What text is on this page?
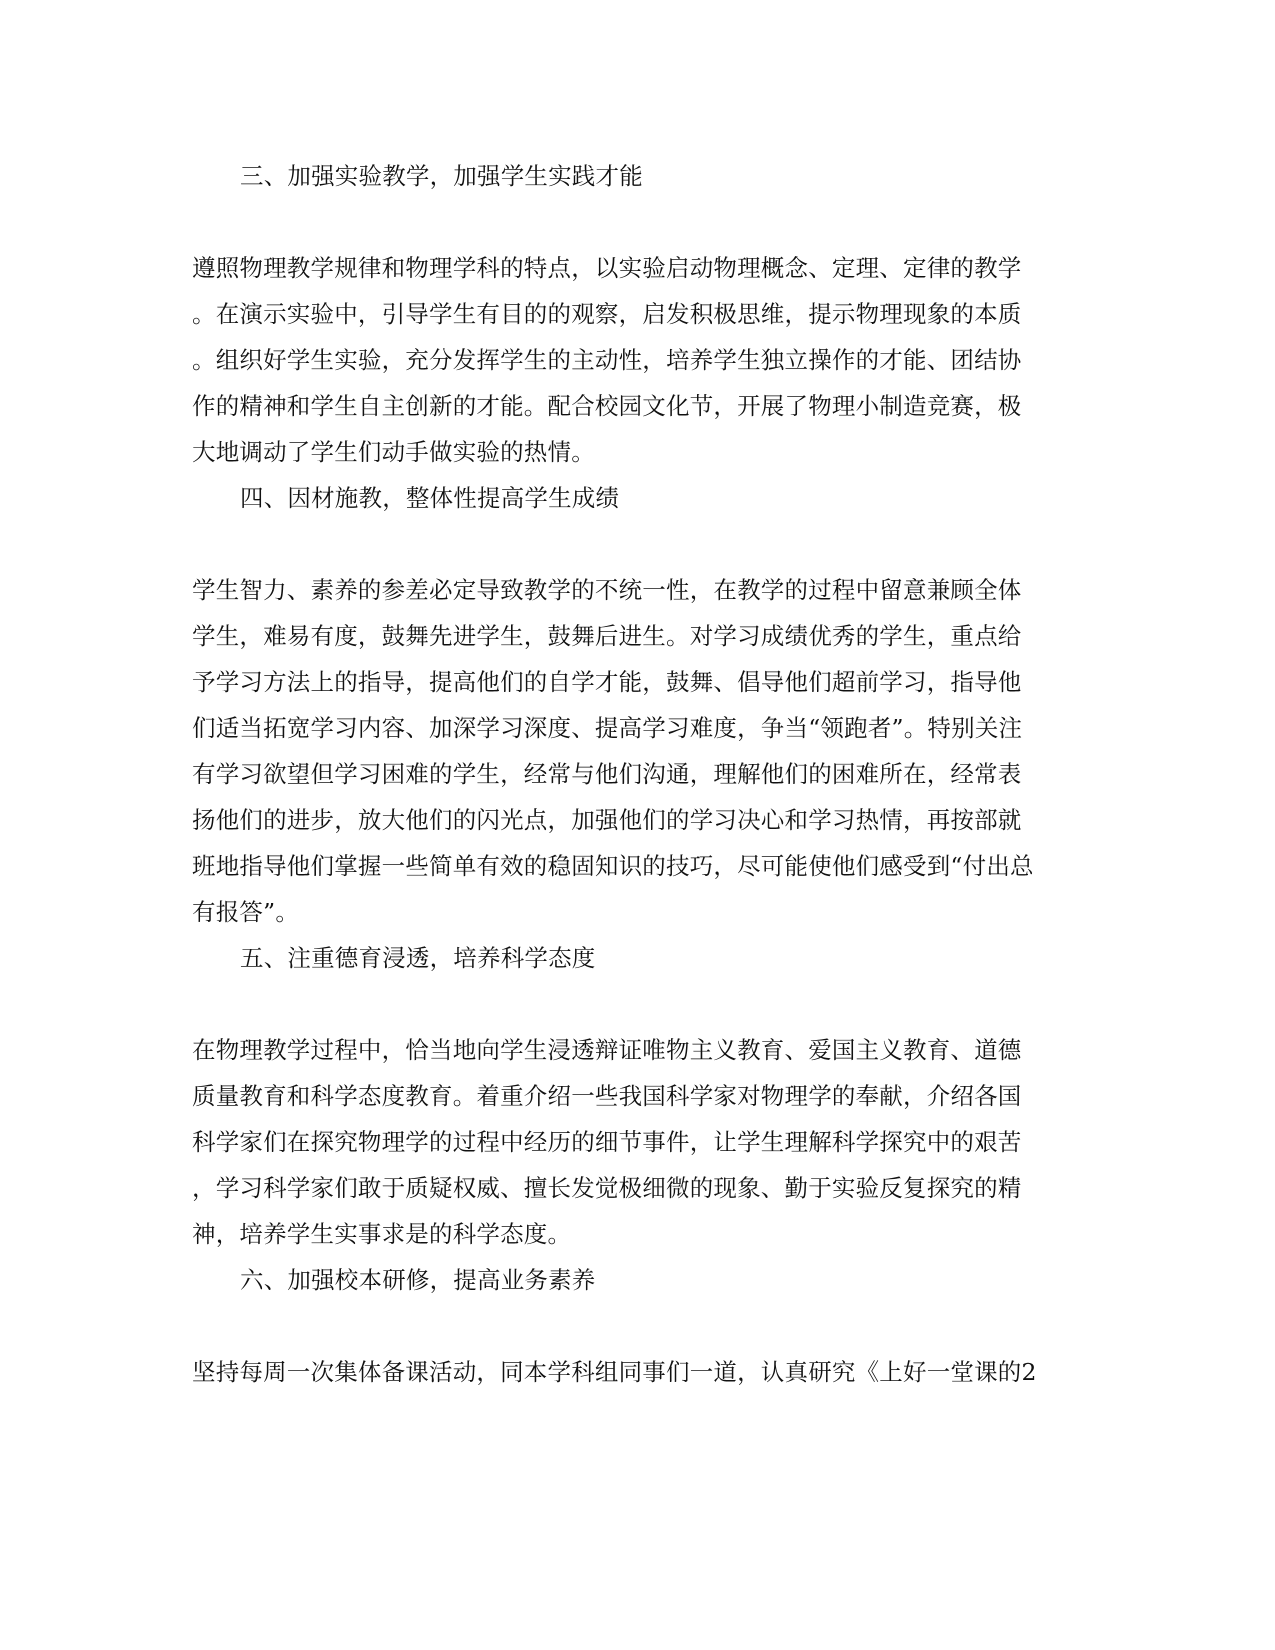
三、加强实验教学，加强学生实践才能
遵照物理教学规律和物理学科的特点，以实验启动物理概念、定理、定律的教学
。在演示实验中，引导学生有目的的观察，启发积极思维，提示物理现象的本质
。组织好学生实验，充分发挥学生的主动性，培养学生独立操作的才能、团结协
作的精神和学生自主创新的才能。配合校园文化节，开展了物理小制造竞赛，极
大地调动了学生们动手做实验的热情。
四、因材施教，整体性提高学生成绩
学生智力、素养的参差必定导致教学的不统一性，在教学的过程中留意兼顾全体
学生，难易有度，鼓舞先进学生，鼓舞后进生。对学习成绩优秀的学生，重点给
予学习方法上的指导，提高他们的自学才能，鼓舞、倡导他们超前学习，指导他
们适当拓宽学习内容、加深学习深度、提高学习难度，争当“领跑者”。特别关注
有学习欲望但学习困难的学生，经常与他们沟通，理解他们的困难所在，经常表
扬他们的进步，放大他们的闪光点，加强他们的学习决心和学习热情，再按部就
班地指导他们掌握一些简单有效的稳固知识的技巧，尽可能使他们感受到“付出总
有报答”。
五、注重德育浸透，培养科学态度
在物理教学过程中，恰当地向学生浸透辩证唯物主义教育、爱国主义教育、道德
质量教育和科学态度教育。着重介绍一些我国科学家对物理学的奉献，介绍各国
科学家们在探究物理学的过程中经历的细节事件，让学生理解科学探究中的艰苦
，学习科学家们敢于质疑权威、擅长发觉极细微的现象、勤于实验反复探究的精
神，培养学生实事求是的科学态度。
六、加强校本研修，提高业务素养
坚持每周一次集体备课活动，同本学科组同事们一道，认真研究《上好一堂课的2
